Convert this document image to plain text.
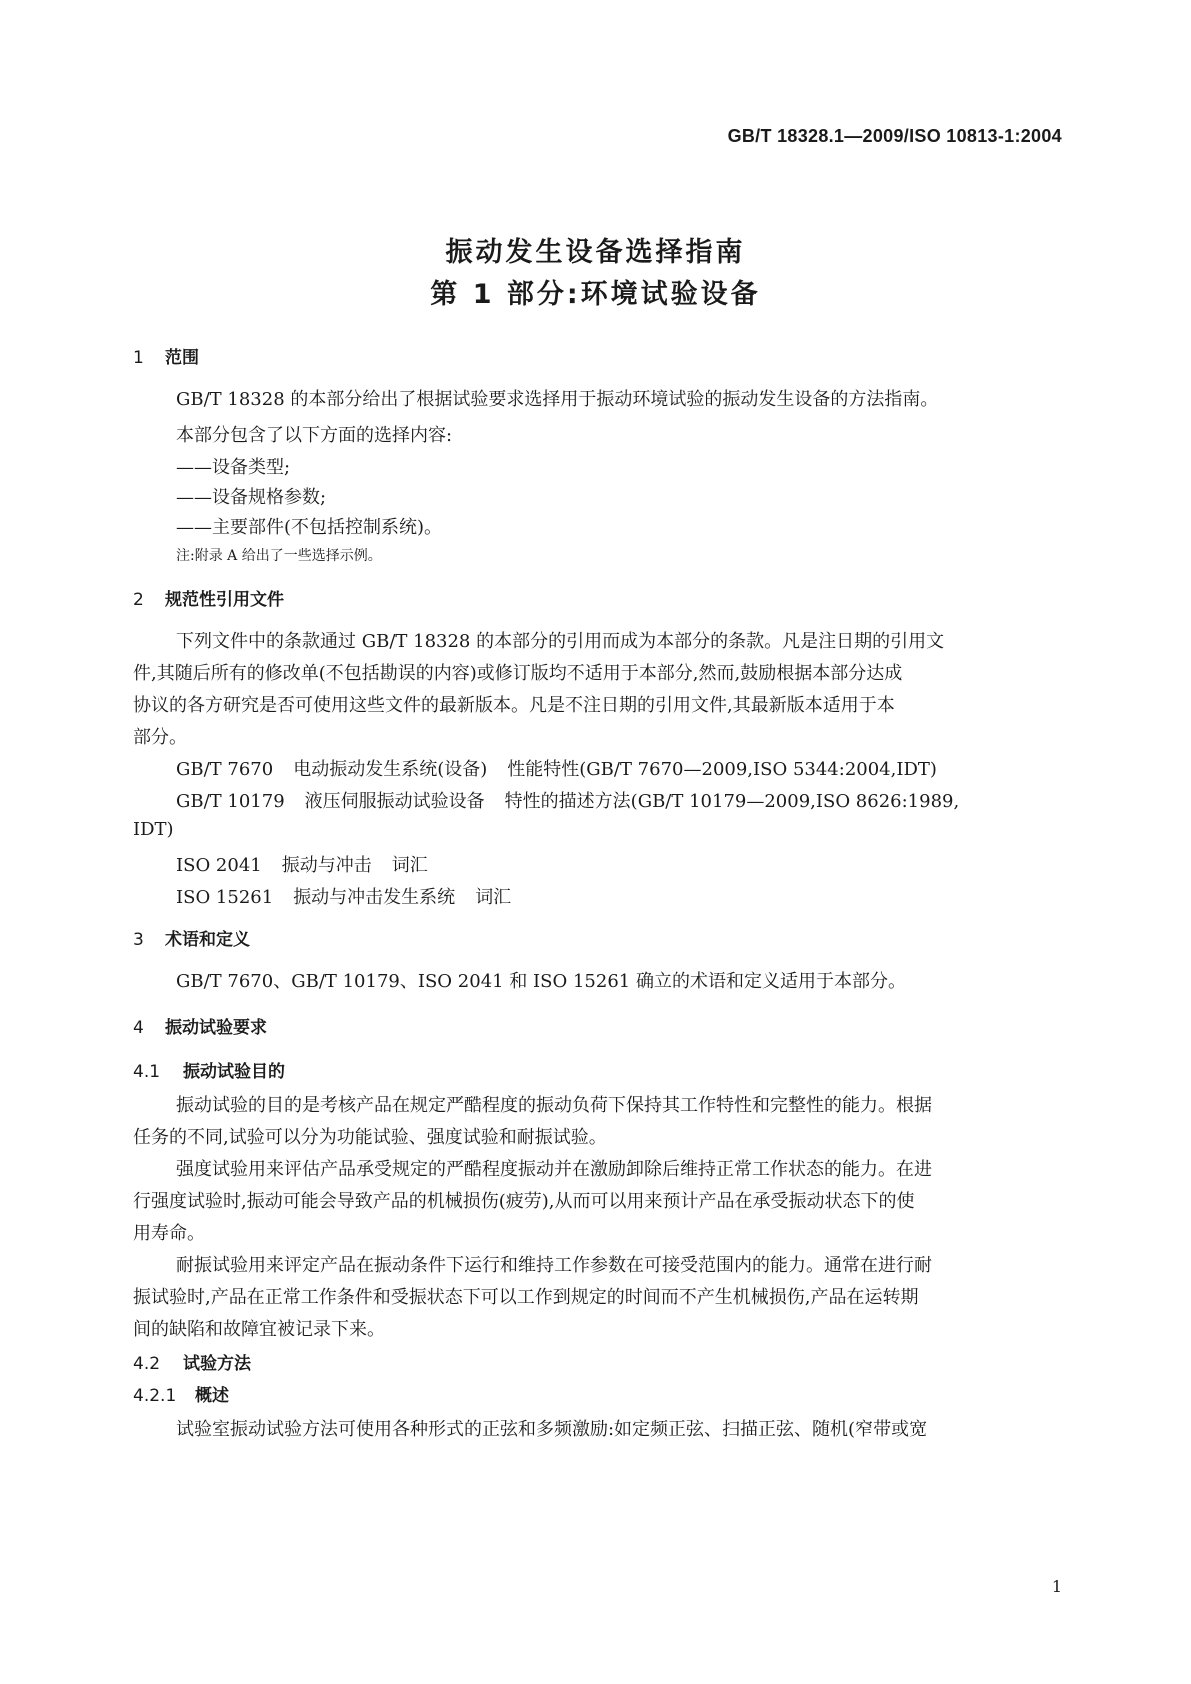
GB/T 18328.1—2009/ISO 10813-1:2004
振动发生设备选择指南
第 1 部分:环境试验设备
1 范围
GB/T 18328 的本部分给出了根据试验要求选择用于振动环境试验的振动发生设备的方法指南。
本部分包含了以下方面的选择内容:
——设备类型;
——设备规格参数;
——主要部件(不包括控制系统)。
注:附录 A 给出了一些选择示例。
2 规范性引用文件
下列文件中的条款通过 GB/T 18328 的本部分的引用而成为本部分的条款。凡是注日期的引用文
件,其随后所有的修改单(不包括勘误的内容)或修订版均不适用于本部分,然而,鼓励根据本部分达成
协议的各方研究是否可使用这些文件的最新版本。凡是不注日期的引用文件,其最新版本适用于本
部分。
GB/T 7670 电动振动发生系统(设备) 性能特性(GB/T 7670—2009,ISO 5344:2004,IDT)
GB/T 10179 液压伺服振动试验设备 特性的描述方法(GB/T 10179—2009,ISO 8626:1989,
IDT)
ISO 2041 振动与冲击 词汇
ISO 15261 振动与冲击发生系统 词汇
3 术语和定义
GB/T 7670、GB/T 10179、ISO 2041 和 ISO 15261 确立的术语和定义适用于本部分。
4 振动试验要求
4.1 振动试验目的
振动试验的目的是考核产品在规定严酷程度的振动负荷下保持其工作特性和完整性的能力。根据
任务的不同,试验可以分为功能试验、强度试验和耐振试验。
强度试验用来评估产品承受规定的严酷程度振动并在激励卸除后维持正常工作状态的能力。在进
行强度试验时,振动可能会导致产品的机械损伤(疲劳),从而可以用来预计产品在承受振动状态下的使
用寿命。
耐振试验用来评定产品在振动条件下运行和维持工作参数在可接受范围内的能力。通常在进行耐
振试验时,产品在正常工作条件和受振状态下可以工作到规定的时间而不产生机械损伤,产品在运转期
间的缺陷和故障宜被记录下来。
4.2 试验方法
4.2.1 概述
试验室振动试验方法可使用各种形式的正弦和多频激励:如定频正弦、扫描正弦、随机(窄带或宽
1
